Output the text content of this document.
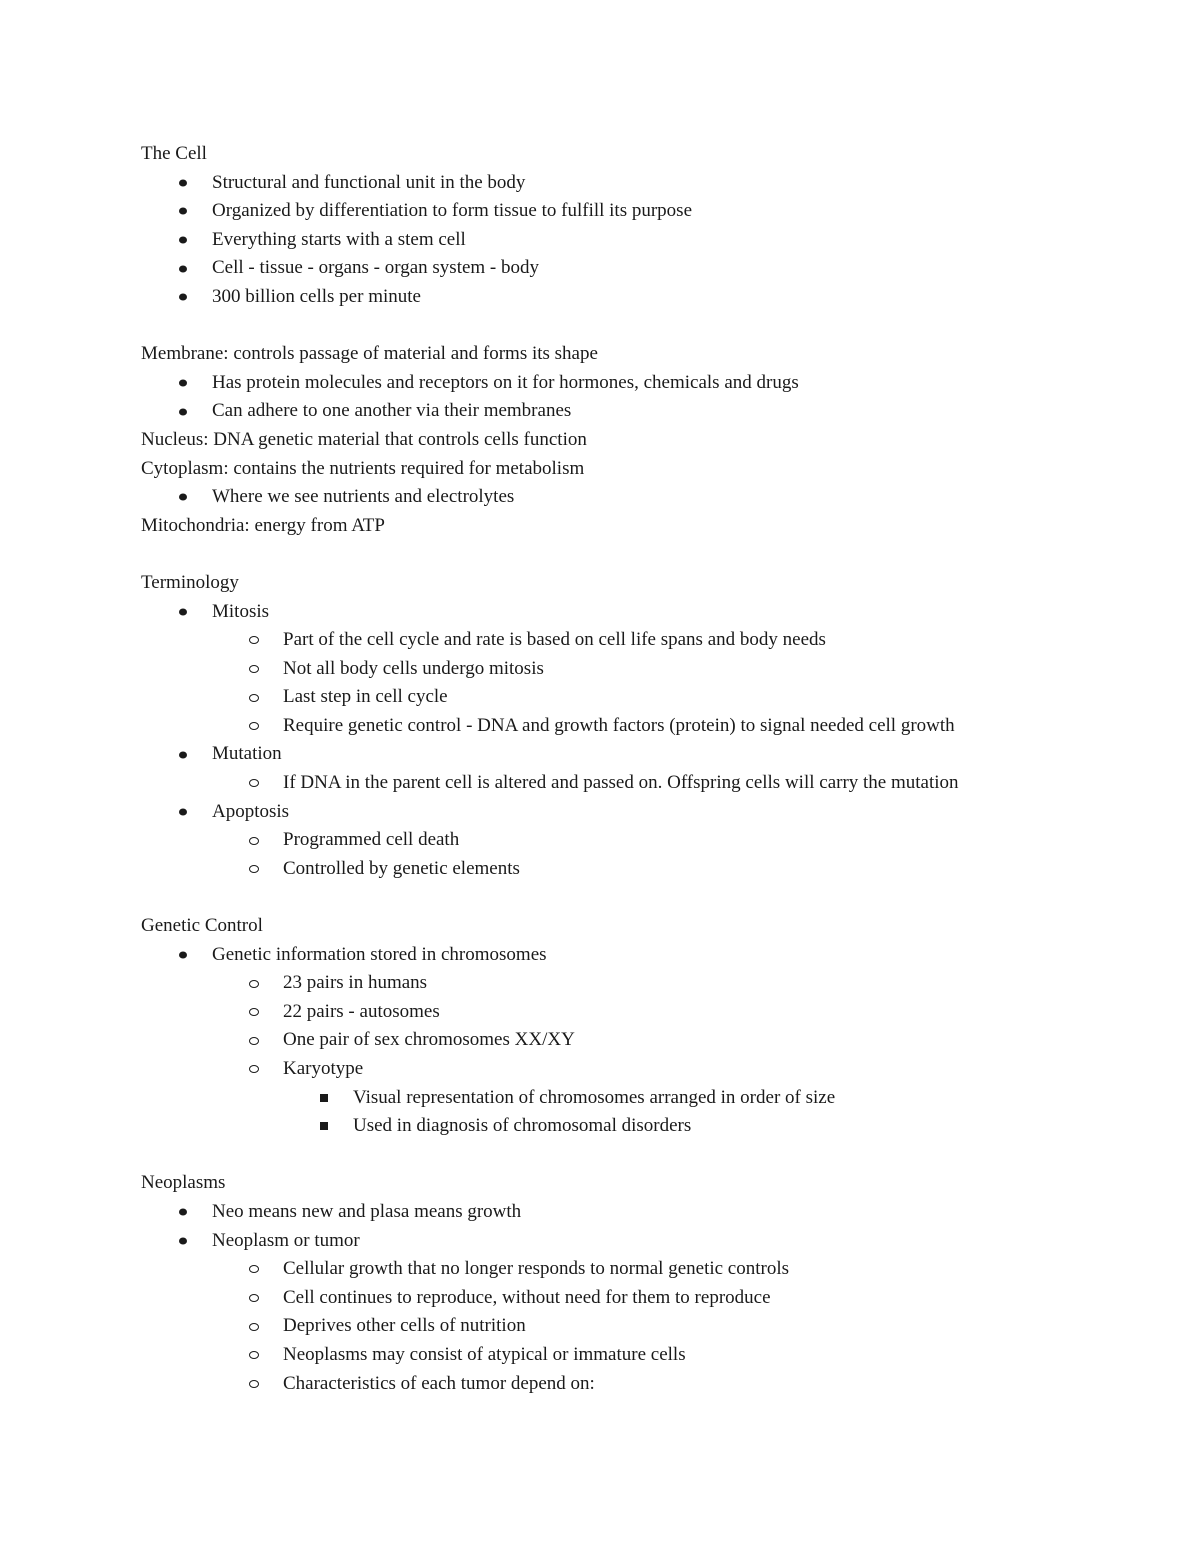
The Cell
Structural and functional unit in the body
Organized by differentiation to form tissue to fulfill its purpose
Everything starts with a stem cell
Cell - tissue - organs - organ system - body
300 billion cells per minute
Membrane: controls passage of material and forms its shape
Has protein molecules and receptors on it for hormones, chemicals and drugs
Can adhere to one another via their membranes
Nucleus: DNA genetic material that controls cells function
Cytoplasm: contains the nutrients required for metabolism
Where we see nutrients and electrolytes
Mitochondria: energy from ATP
Terminology
Mitosis
Part of the cell cycle and rate is based on cell life spans and body needs
Not all body cells undergo mitosis
Last step in cell cycle
Require genetic control - DNA and growth factors (protein) to signal needed cell growth
Mutation
If DNA in the parent cell is altered and passed on. Offspring cells will carry the mutation
Apoptosis
Programmed cell death
Controlled by genetic elements
Genetic Control
Genetic information stored in chromosomes
23 pairs in humans
22 pairs - autosomes
One pair of sex chromosomes XX/XY
Karyotype
Visual representation of chromosomes arranged in order of size
Used in diagnosis of chromosomal disorders
Neoplasms
Neo means new and plasa means growth
Neoplasm or tumor
Cellular growth that no longer responds to normal genetic controls
Cell continues to reproduce, without need for them to reproduce
Deprives other cells of nutrition
Neoplasms may consist of atypical or immature cells
Characteristics of each tumor depend on:
